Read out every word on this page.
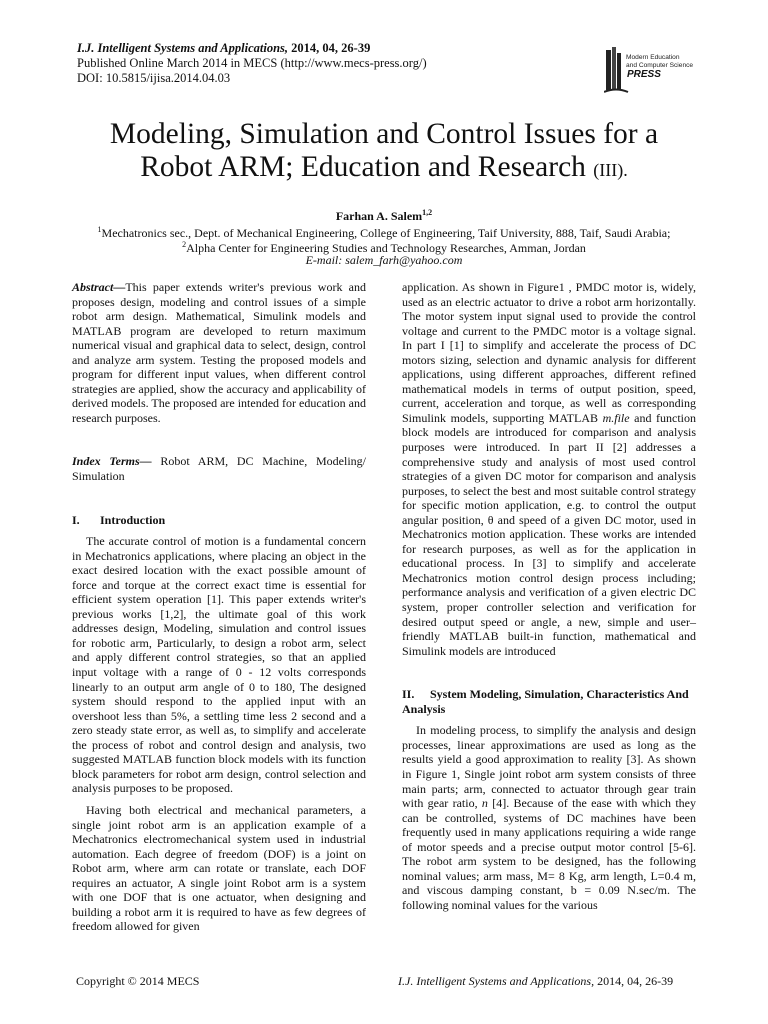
I.J. Intelligent Systems and Applications, 2014, 04, 26-39
Published Online March 2014 in MECS (http://www.mecs-press.org/)
DOI: 10.5815/ijisa.2014.04.03
Modern Education
and Computer Science
PRESS
Modeling, Simulation and Control Issues for a
Robot ARM; Education and Research (III).
Farhan A. Salem$^{1,2}$
$^1$Mechatronics sec., Dept. of Mechanical Engineering, College of Engineering, Taif University, 888, Taif, Saudi Arabia;
$^2$Alpha Center for Engineering Studies and Technology Researches, Amman, Jordan
E-mail: salem_farh@yahoo.com

Abstract—This paper extends writer's previous work and proposes design, modeling and control issues of a simple robot arm design. Mathematical, Simulink models and MATLAB program are developed to return maximum numerical visual and graphical data to select, design, control and analyze arm system. Testing the proposed models and program for different input values, when different control strategies are applied, show the accuracy and applicability of derived models. The proposed are intended for education and research purposes.

Index Terms— Robot ARM, DC Machine, Modeling/ Simulation

I. Introduction

The accurate control of motion is a fundamental concern in Mechatronics applications, where placing an object in the exact desired location with the exact possible amount of force and torque at the correct exact time is essential for efficient system operation [1]. This paper extends writer's previous works [1,2], the ultimate goal of this work addresses design, Modeling, simulation and control issues for robotic arm, Particularly, to design a robot arm, select and apply different control strategies, so that an applied input voltage with a range of 0 - 12 volts corresponds linearly to an output arm angle of 0 to 180, The designed system should respond to the applied input with an overshoot less than 5%, a settling time less 2 second and a zero steady state error, as well as, to simplify and accelerate the process of robot and control design and analysis, two suggested MATLAB function block models with its function block parameters for robot arm design, control selection and analysis purposes to be proposed.

Having both electrical and mechanical parameters, a single joint robot arm is an application example of a Mechatronics electromechanical system used in industrial automation. Each degree of freedom (DOF) is a joint on Robot arm, where arm can rotate or translate, each DOF requires an actuator, A single joint Robot arm is a system with one DOF that is one actuator, when designing and building a robot arm it is required to have as few degrees of freedom allowed for given

application. As shown in Figure1 , PMDC motor is, widely, used as an electric actuator to drive a robot arm horizontally. The motor system input signal used to provide the control voltage and current to the PMDC motor is a voltage signal. In part I [1] to simplify and accelerate the process of DC motors sizing, selection and dynamic analysis for different applications, using different approaches, different refined mathematical models in terms of output position, speed, current, acceleration and torque, as well as corresponding Simulink models, supporting MATLAB m.file and function block models are introduced for comparison and analysis purposes were introduced. In part II [2] addresses a comprehensive study and analysis of most used control strategies of a given DC motor for comparison and analysis purposes, to select the best and most suitable control strategy for specific motion application, e.g. to control the output angular position, θ and speed of a given DC motor, used in Mechatronics motion application. These works are intended for research purposes, as well as for the application in educational process. In [3] to simplify and accelerate Mechatronics motion control design process including; performance analysis and verification of a given electric DC system, proper controller selection and verification for desired output speed or angle, a new, simple and user–friendly MATLAB built-in function, mathematical and Simulink models are introduced

II. System Modeling, Simulation, Characteristics And Analysis

In modeling process, to simplify the analysis and design processes, linear approximations are used as long as the results yield a good approximation to reality [3]. As shown in Figure 1, Single joint robot arm system consists of three main parts; arm, connected to actuator through gear train with gear ratio, n [4]. Because of the ease with which they can be controlled, systems of DC machines have been frequently used in many applications requiring a wide range of motor speeds and a precise output motor control [5-6]. The robot arm system to be designed, has the following nominal values; arm mass, M= 8 Kg, arm length, L=0.4 m, and viscous damping constant, b = 0.09 N.sec/m. The following nominal values for the various

Copyright © 2014 MECS	I.J. Intelligent Systems and Applications, 2014, 04, 26-39
